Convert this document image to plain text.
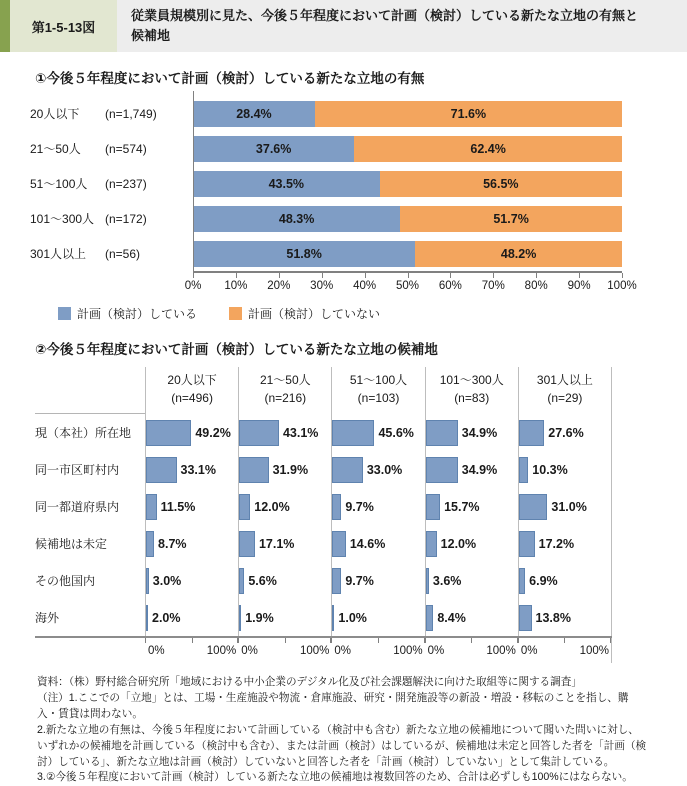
第1-5-13図
従業員規模別に見た、今後５年程度において計画（検討）している新たな立地の有無と候補地
①今後５年程度において計画（検討）している新たな立地の有無
20人以下	(n=1,749)	28.4%	71.6%
21～50人	(n=574)	37.6%	62.4%
51～100人	(n=237)	43.5%	56.5%
101～300人 (n=172)	48.3%	51.7%
301人以上	(n=56)	51.8%	48.2%
0% 10% 20% 30% 40% 50% 60% 70% 80% 90% 100%
計画（検討）している	計画（検討）していない
②今後５年程度において計画（検討）している新たな立地の候補地
20人以下
(n=496)
21～50人
(n=216)
51～100人
(n=103)
101～300人
(n=83)
301人以上
(n=29)
現（本社）所在地	49.2%	43.1%	45.6%	34.9%	27.6%
同一市区町村内	33.1%	31.9%	33.0%	34.9%	10.3%
同一都道府県内	11.5%	12.0%	9.7%	15.7%	31.0%
候補地は未定	8.7%	17.1%	14.6%	12.0%	17.2%
その他国内	3.0%	5.6%	9.7%	3.6%	6.9%
海外	2.0%	1.9%	1.0%	8.4%	13.8%
0%	100% 0%	100% 0%	100% 0%	100% 0%	100%
資料：（株）野村総合研究所「地域における中小企業のデジタル化及び社会課題解決に向けた取組等に関する調査」
（注）1.ここでの「立地」とは、工場・生産施設や物流・倉庫施設、研究・開発施設等の新設・増設・移転のことを指し、購入・賃貸は問わない。
2.新たな立地の有無は、今後５年程度において計画している（検討中も含む）新たな立地の候補地について聞いた問いに対し、いずれかの候補地を計画している（検討中も含む）、または計画（検討）はしているが、候補地は未定と回答した者を「計画（検討）している」、新たな立地は計画（検討）していないと回答した者を「計画（検討）していない」として集計している。
3.②今後５年程度において計画（検討）している新たな立地の候補地は複数回答のため、合計は必ずしも100%にはならない。
